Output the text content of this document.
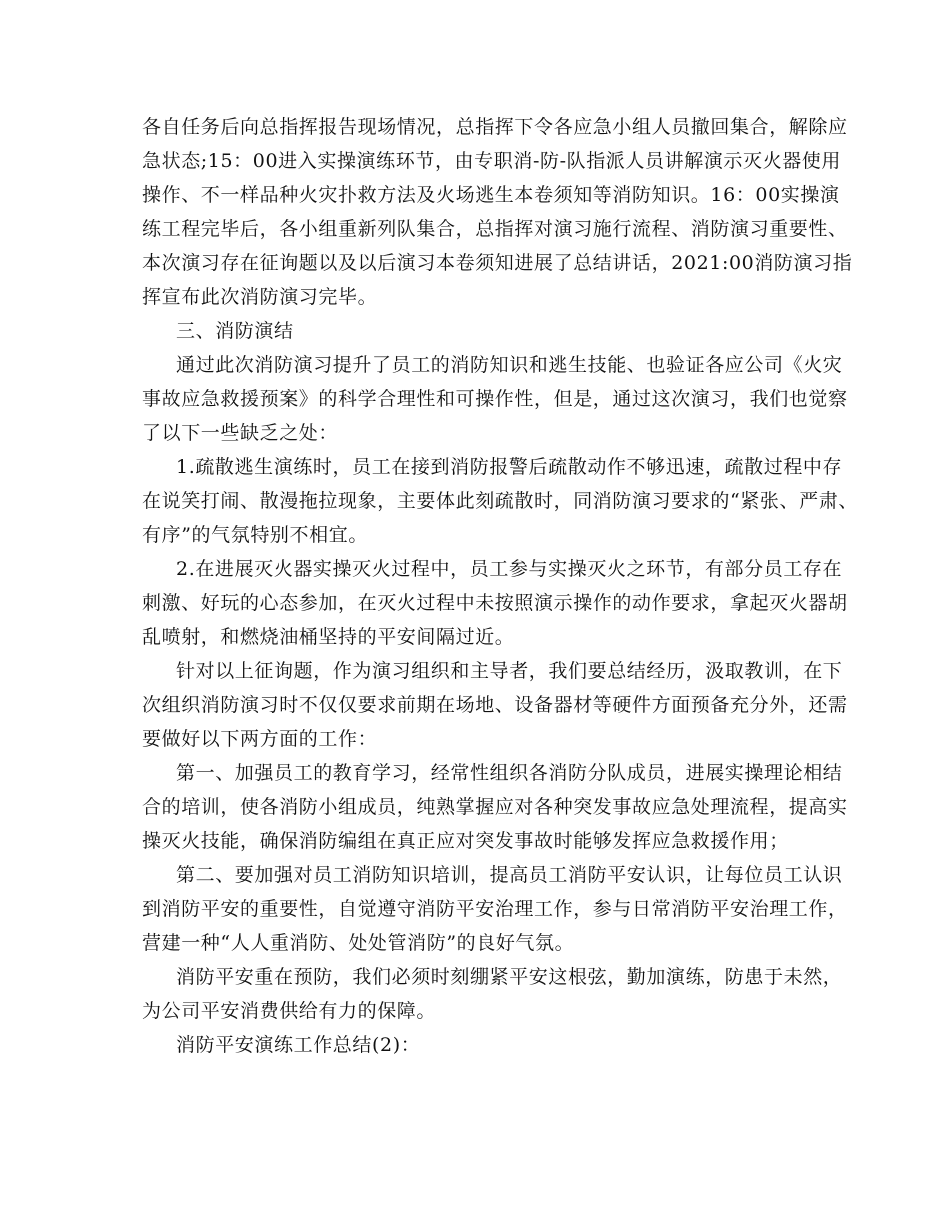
各自任务后向总指挥报告现场情况，总指挥下令各应急小组人员撤回集合，解除应
急状态;15：00进入实操演练环节，由专职消-防-队指派人员讲解演示灭火器使用
操作、不一样品种火灾扑救方法及火场逃生本卷须知等消防知识。16：00实操演
练工程完毕后，各小组重新列队集合，总指挥对演习施行流程、消防演习重要性、
本次演习存在征询题以及以后演习本卷须知进展了总结讲话，2021:00消防演习指
挥宣布此次消防演习完毕。
三、消防演结
通过此次消防演习提升了员工的消防知识和逃生技能、也验证各应公司《火灾
事故应急救援预案》的科学合理性和可操作性，但是，通过这次演习，我们也觉察
了以下一些缺乏之处：
1.疏散逃生演练时，员工在接到消防报警后疏散动作不够迅速，疏散过程中存
在说笑打闹、散漫拖拉现象，主要体此刻疏散时，同消防演习要求的“紧张、严肃、
有序”的气氛特别不相宜。
2.在进展灭火器实操灭火过程中，员工参与实操灭火之环节，有部分员工存在
刺激、好玩的心态参加，在灭火过程中未按照演示操作的动作要求，拿起灭火器胡
乱喷射，和燃烧油桶坚持的平安间隔过近。
针对以上征询题，作为演习组织和主导者，我们要总结经历，汲取教训，在下
次组织消防演习时不仅仅要求前期在场地、设备器材等硬件方面预备充分外，还需
要做好以下两方面的工作：
第一、加强员工的教育学习，经常性组织各消防分队成员，进展实操理论相结
合的培训，使各消防小组成员，纯熟掌握应对各种突发事故应急处理流程，提高实
操灭火技能，确保消防编组在真正应对突发事故时能够发挥应急救援作用；
第二、要加强对员工消防知识培训，提高员工消防平安认识，让每位员工认识
到消防平安的重要性，自觉遵守消防平安治理工作，参与日常消防平安治理工作，
营建一种“人人重消防、处处管消防”的良好气氛。
消防平安重在预防，我们必须时刻绷紧平安这根弦，勤加演练，防患于未然，
为公司平安消费供给有力的保障。
消防平安演练工作总结(2)：
